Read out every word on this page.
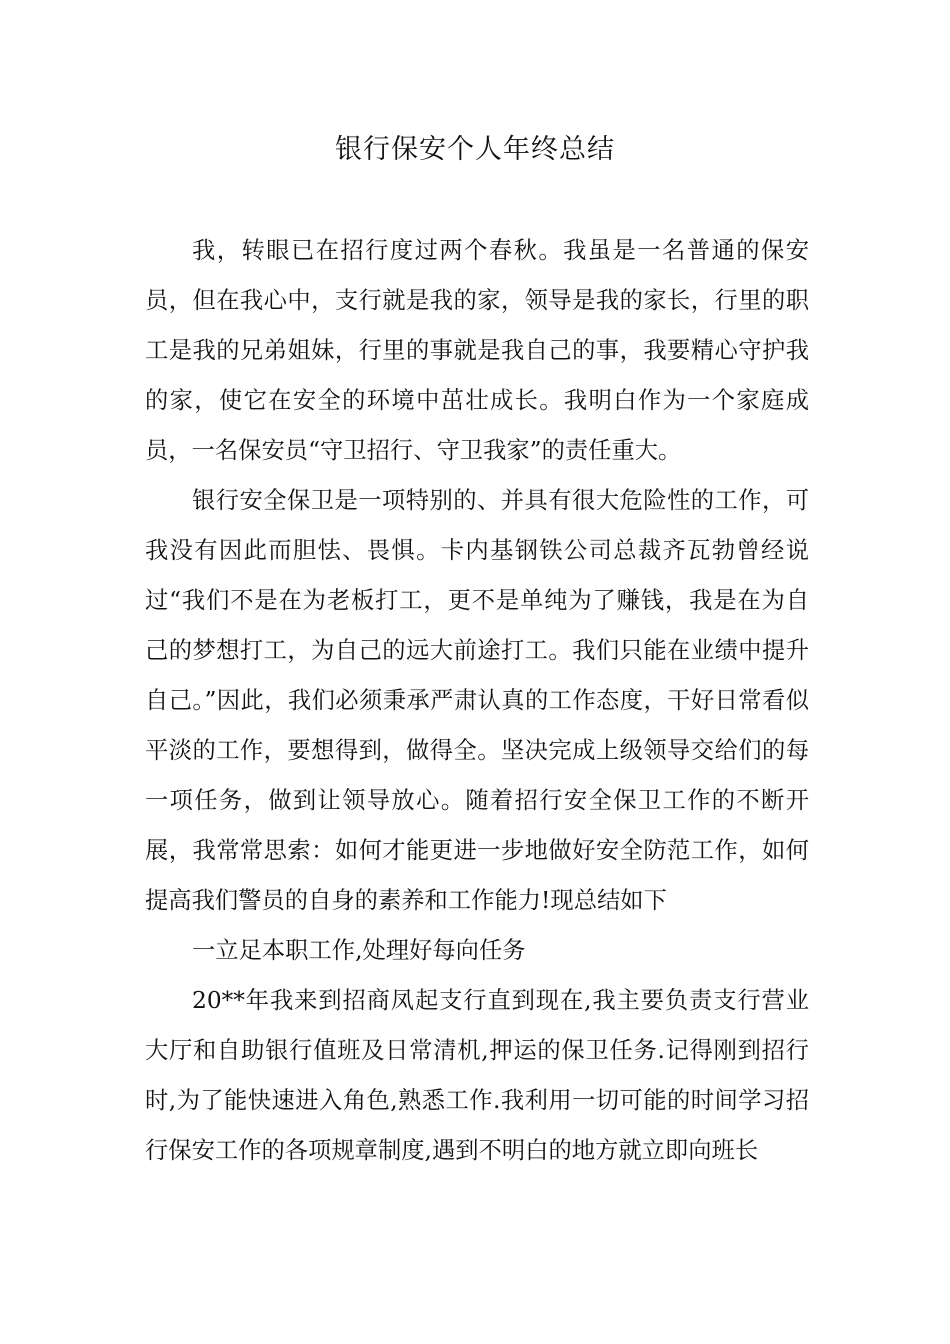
银行保安个人年终总结

我，转眼已在招行度过两个春秋。我虽是一名普通的保安员，但在我心中，支行就是我的家，领导是我的家长，行里的职工是我的兄弟姐妹，行里的事就是我自己的事，我要精心守护我的家，使它在安全的环境中茁壮成长。我明白作为一个家庭成员，一名保安员“守卫招行、守卫我家”的责任重大。

银行安全保卫是一项特别的、并具有很大危险性的工作，可我没有因此而胆怯、畏惧。卡内基钢铁公司总裁齐瓦勃曾经说过“我们不是在为老板打工，更不是单纯为了赚钱，我是在为自己的梦想打工，为自己的远大前途打工。我们只能在业绩中提升自己。”因此，我们必须秉承严肃认真的工作态度，干好日常看似平淡的工作，要想得到，做得全。坚决完成上级领导交给们的每一项任务，做到让领导放心。随着招行安全保卫工作的不断开展，我常常思索：如何才能更进一步地做好安全防范工作，如何提高我们警员的自身的素养和工作能力!现总结如下

一立足本职工作,处理好每向任务

20**年我来到招商凤起支行直到现在,我主要负责支行营业大厅和自助银行值班及日常清机,押运的保卫任务.记得刚到招行时,为了能快速进入角色,熟悉工作.我利用一切可能的时间学习招行保安工作的各项规章制度,遇到不明白的地方就立即向班长
